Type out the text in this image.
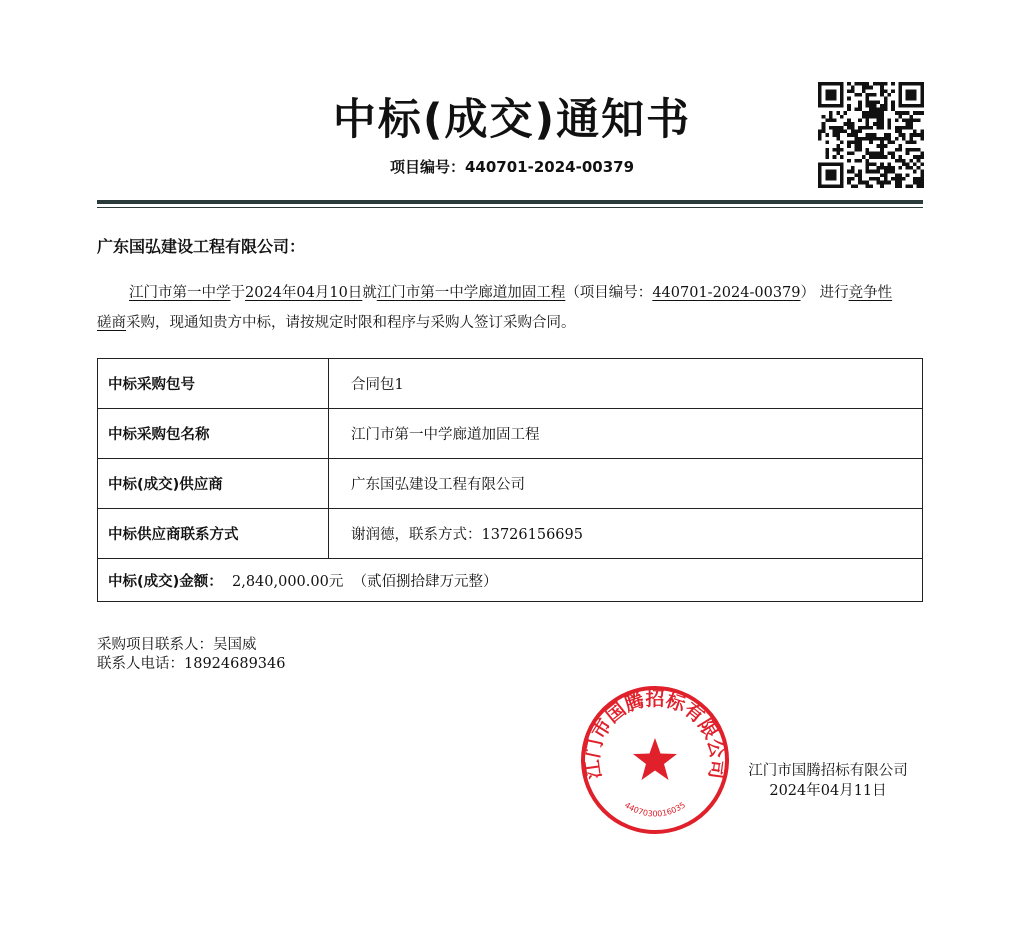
中标(成交)通知书
项目编号：440701-2024-00379
广东国弘建设工程有限公司：
江门市第一中学于2024年04月10日就江门市第一中学廊道加固工程（项目编号：440701-2024-00379） 进行竞争性磋商采购，现通知贵方中标，请按规定时限和程序与采购人签订采购合同。
中标采购包号	合同包1
中标采购包名称	江门市第一中学廊道加固工程
中标(成交)供应商	广东国弘建设工程有限公司
中标供应商联系方式	谢润德，联系方式：13726156695
中标(成交)金额： 2,840,000.00元 （贰佰捌拾肆万元整）	
采购项目联系人：吴国威
联系人电话：18924689346
江门市国腾招标有限公司
4407030016035
江门市国腾招标有限公司
2024年04月11日
